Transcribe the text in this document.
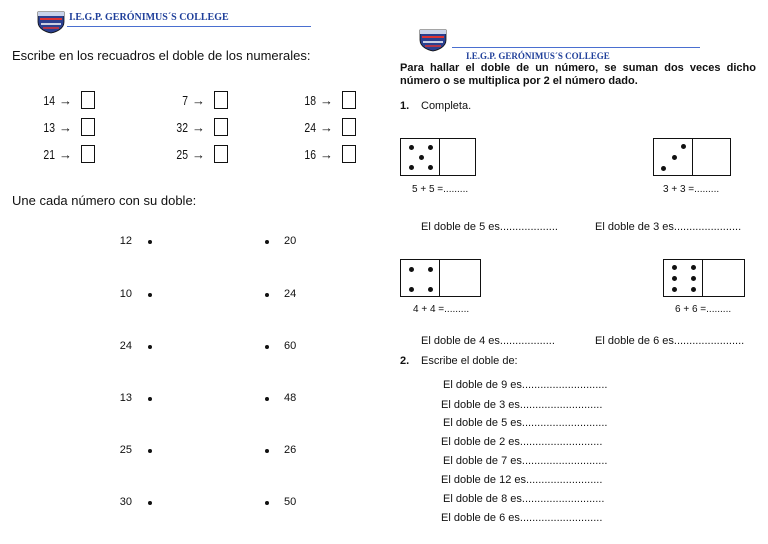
I.E.G.P. GERÓNIMUS´S COLLEGE
Escribe en los recuadros el doble de los numerales:
14 →
13 →
21 →
7 →
32 →
25 →
18 →
24 →
16 →
Une cada número con su doble:
12
10
24
13
25
30
20
24
60
48
26
50
I.E.G.P. GERÓNIMUS´S COLLEGE
Para hallar el doble de un número, se suman dos veces dicho número o se multiplica por 2 el número dado.
1. Completa.
5 + 5 =.........
El doble de 5 es...................
3 + 3 =.........
El doble de 3 es......................
4 + 4 =.........
El doble de 4 es..................
6 + 6 =.........
El doble de 6 es.......................
2. Escribe el doble de:
El doble de 9 es............................
El doble de 3 es...........................
El doble de 5 es............................
El doble de 2 es...........................
El doble de 7 es............................
El doble de 12 es.........................
El doble de 8 es...........................
El doble de 6 es...........................
